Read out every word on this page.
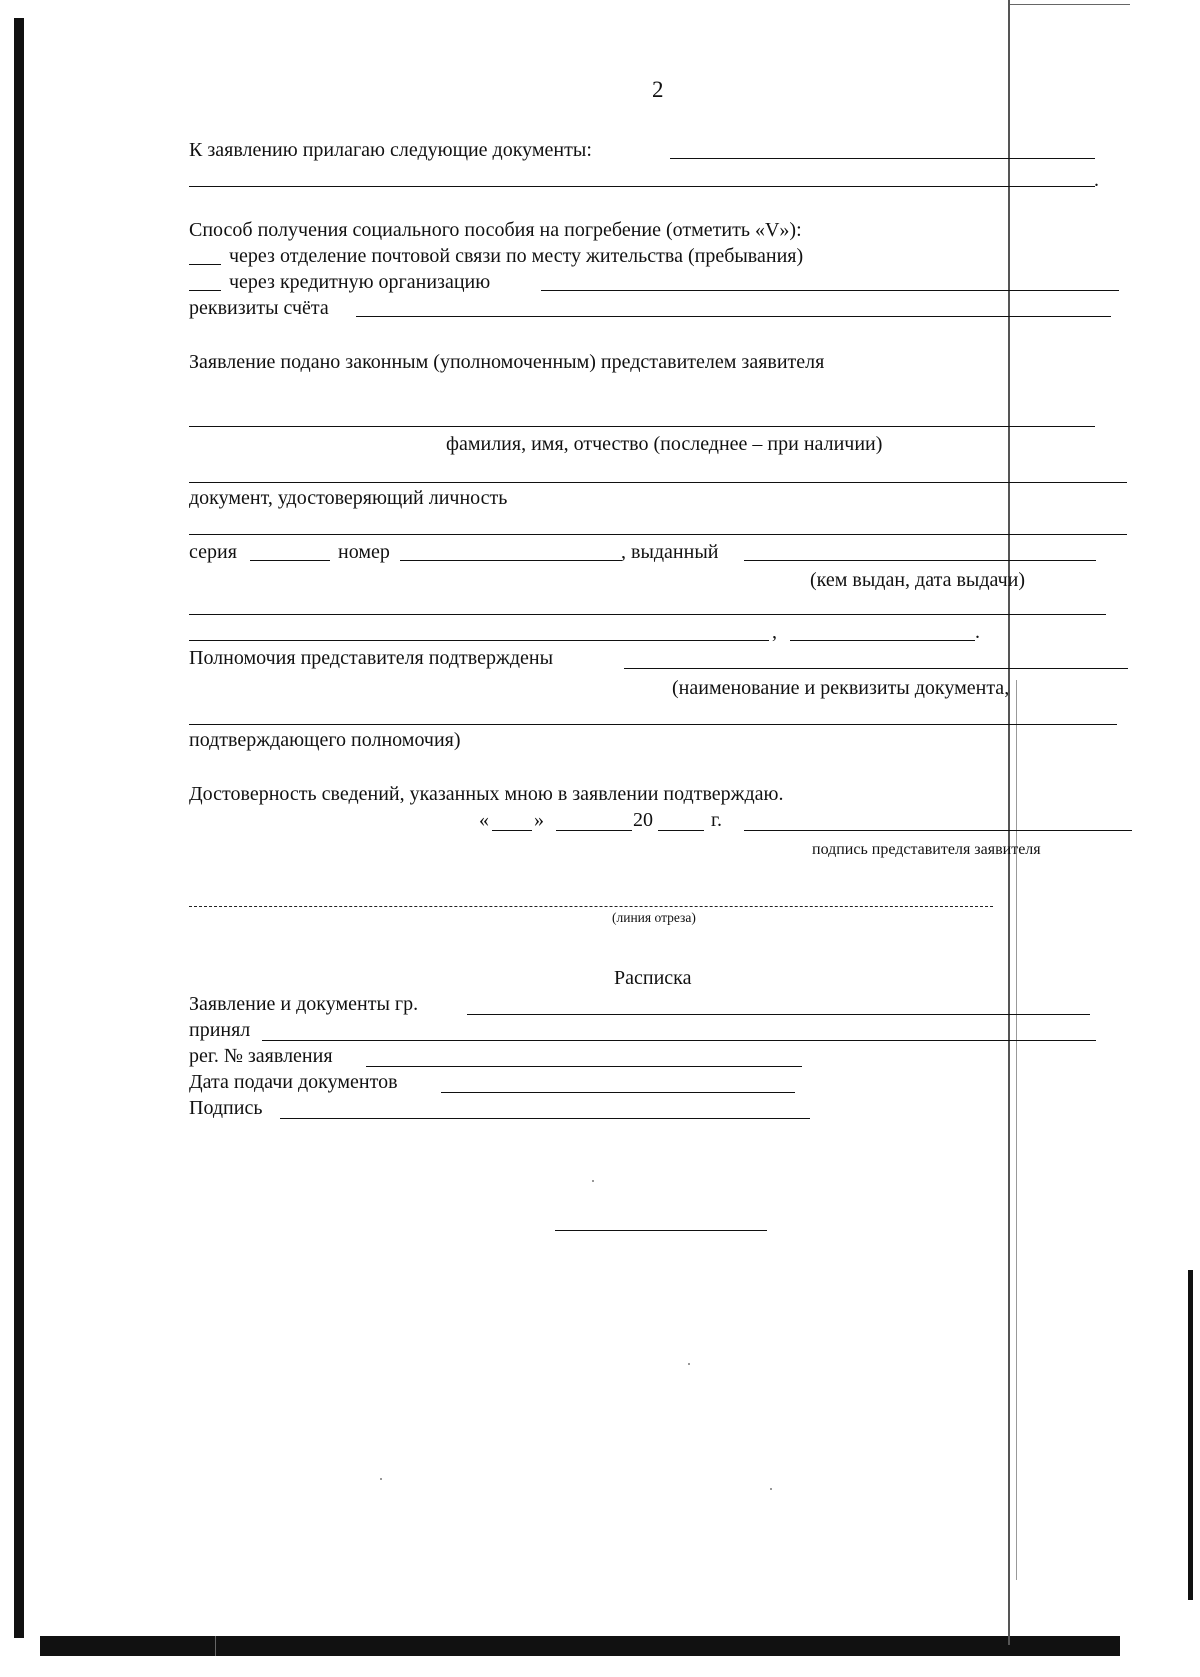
2
К заявлению прилагаю следующие документы:
.
Способ получения социального пособия на погребение (отметить «V»):
через отделение почтовой связи по месту жительства (пребывания)
через кредитную организацию
реквизиты счёта
Заявление подано законным (уполномоченным) представителем заявителя
фамилия, имя, отчество (последнее – при наличии)
документ, удостоверяющий личность
серия	номер	, выданный
(кем выдан, дата выдачи)
,	.
Полномочия представителя подтверждены
(наименование и реквизиты документа,
подтверждающего полномочия)
Достоверность сведений, указанных мною в заявлении подтверждаю.
« »	20	г.
подпись представителя заявителя
(линия отреза)
Расписка
Заявление и документы гр.
принял
рег. № заявления
Дата подачи документов
Подпись
